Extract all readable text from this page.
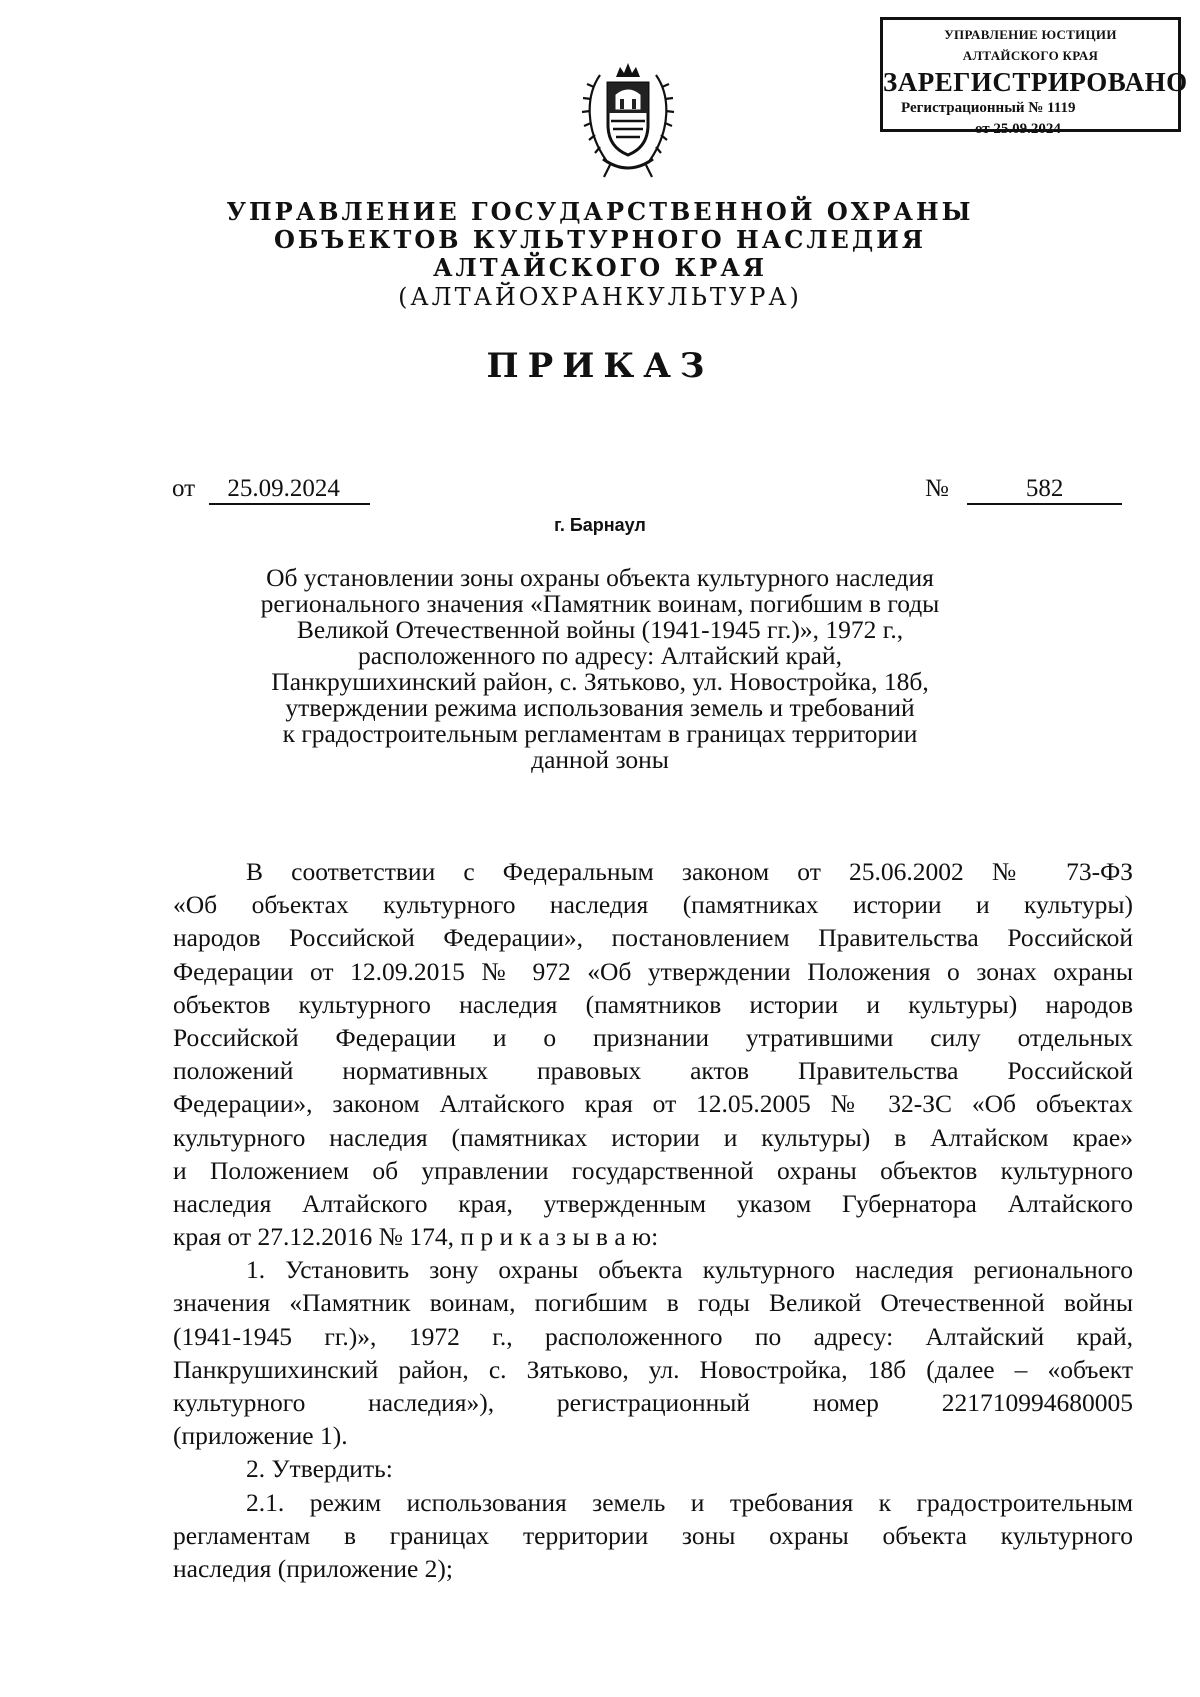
УПРАВЛЕНИЕ ЮСТИЦИИ
АЛТАЙСКОГО КРАЯ
ЗАРЕГИСТРИРОВАНО
Регистрационный № 1119
от 25.09.2024
УПРАВЛЕНИЕ ГОСУДАРСТВЕННОЙ ОХРАНЫ
ОБЪЕКТОВ КУЛЬТУРНОГО НАСЛЕДИЯ
АЛТАЙСКОГО КРАЯ
(АЛТАЙОХРАНКУЛЬТУРА)
ПРИКАЗ
от 25.09.2024	№	582
г. Барнаул
Об установлении зоны охраны объекта культурного наследия
регионального значения «Памятник воинам, погибшим в годы
Великой Отечественной войны (1941-1945 гг.)», 1972 г.,
расположенного по адресу: Алтайский край,
Панкрушихинский район, с. Зятьково, ул. Новостройка, 18б,
утверждении режима использования земель и требований
к градостроительным регламентам в границах территории
данной зоны
В соответствии с Федеральным законом от 25.06.2002 № 73-ФЗ
«Об объектах культурного наследия (памятниках истории и культуры)
народов Российской Федерации», постановлением Правительства Российской
Федерации от 12.09.2015 № 972 «Об утверждении Положения о зонах охраны
объектов культурного наследия (памятников истории и культуры) народов
Российской Федерации и о признании утратившими силу отдельных
положений нормативных правовых актов Правительства Российской
Федерации», законом Алтайского края от 12.05.2005 № 32-ЗС «Об объектах
культурного наследия (памятниках истории и культуры) в Алтайском крае»
и Положением об управлении государственной охраны объектов культурного
наследия Алтайского края, утвержденным указом Губернатора Алтайского
края от 27.12.2016 № 174, п р и к а з ы в а ю:
1. Установить зону охраны объекта культурного наследия регионального
значения «Памятник воинам, погибшим в годы Великой Отечественной войны
(1941-1945 гг.)», 1972 г., расположенного по адресу: Алтайский край,
Панкрушихинский район, с. Зятьково, ул. Новостройка, 18б (далее – «объект
культурного наследия»), регистрационный номер 221710994680005
(приложение 1).
2. Утвердить:
2.1. режим использования земель и требования к градостроительным
регламентам в границах территории зоны охраны объекта культурного
наследия (приложение 2);
